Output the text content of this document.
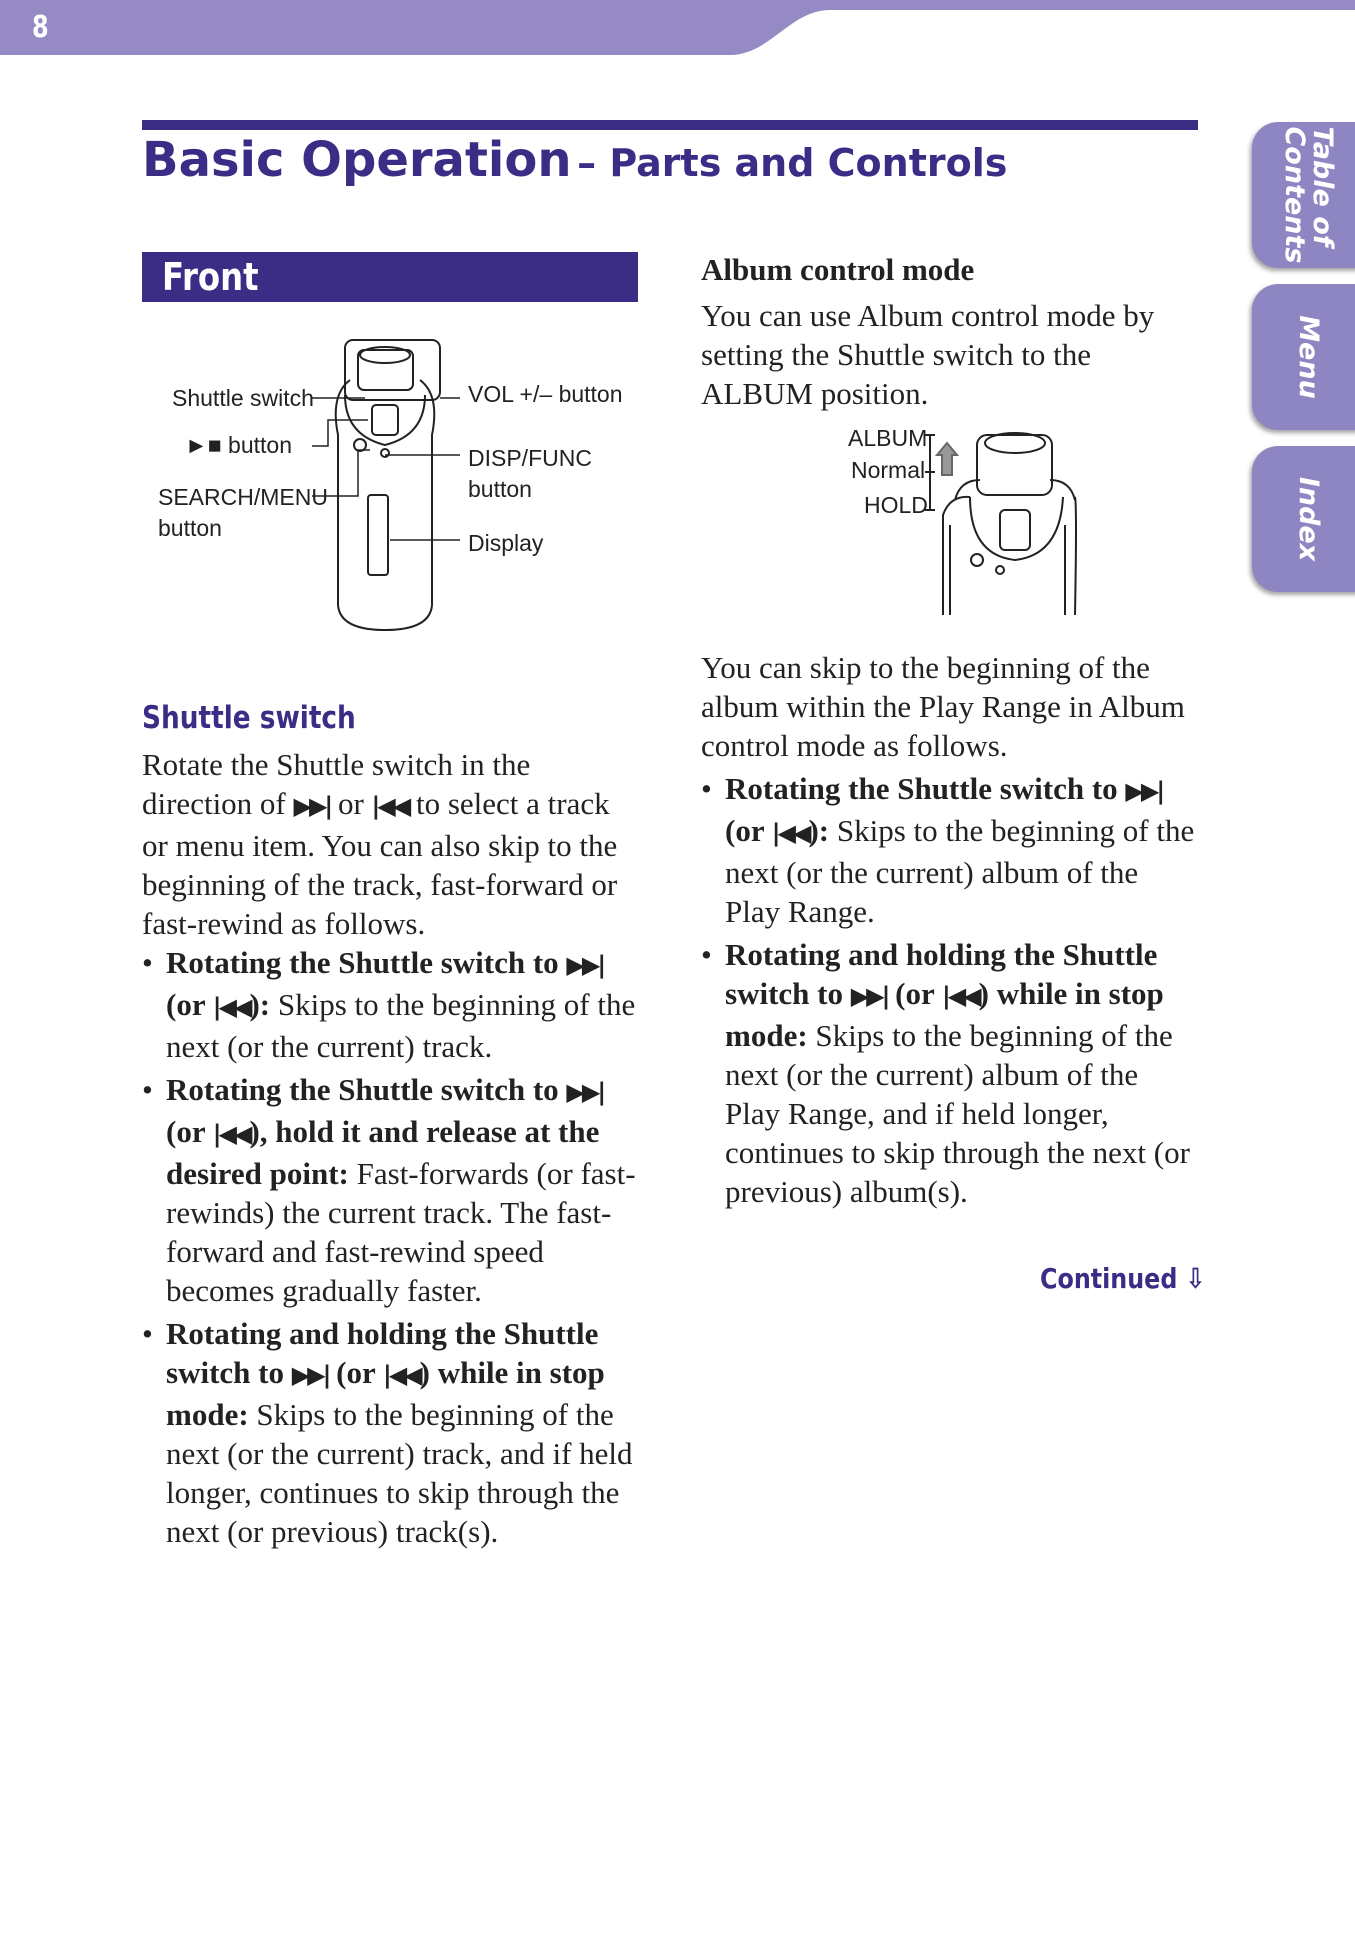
8
Basic Operation – Parts and Controls	Table of
Contents
Menu
Index
Front
Shuttle switch
►■ button
SEARCH/MENU
button
VOL +/– button
DISP/FUNC
button
Display
Shuttle switch
Rotate the Shuttle switch in the direction of ▶▶| or |◀◀ to select a track or menu item. You can also skip to the beginning of the track, fast-forward or fast-rewind as follows.
• Rotating the Shuttle switch to ▶▶| (or |◀◀): Skips to the beginning of the next (or the current) track.
• Rotating the Shuttle switch to ▶▶| (or |◀◀), hold it and release at the desired point: Fast-forwards (or fast-rewinds) the current track. The fast-forward and fast-rewind speed becomes gradually faster.
• Rotating and holding the Shuttle switch to ▶▶| (or |◀◀) while in stop mode: Skips to the beginning of the next (or the current) track, and if held longer, continues to skip through the next (or previous) track(s).
Album control mode
You can use Album control mode by setting the Shuttle switch to the ALBUM position.
ALBUM
Normal
HOLD
You can skip to the beginning of the album within the Play Range in Album control mode as follows.
• Rotating the Shuttle switch to ▶▶| (or |◀◀): Skips to the beginning of the next (or the current) album of the Play Range.
• Rotating and holding the Shuttle switch to ▶▶| (or |◀◀) while in stop mode: Skips to the beginning of the next (or the current) album of the Play Range, and if held longer, continues to skip through the next (or previous) album(s).
Continued ⇩
